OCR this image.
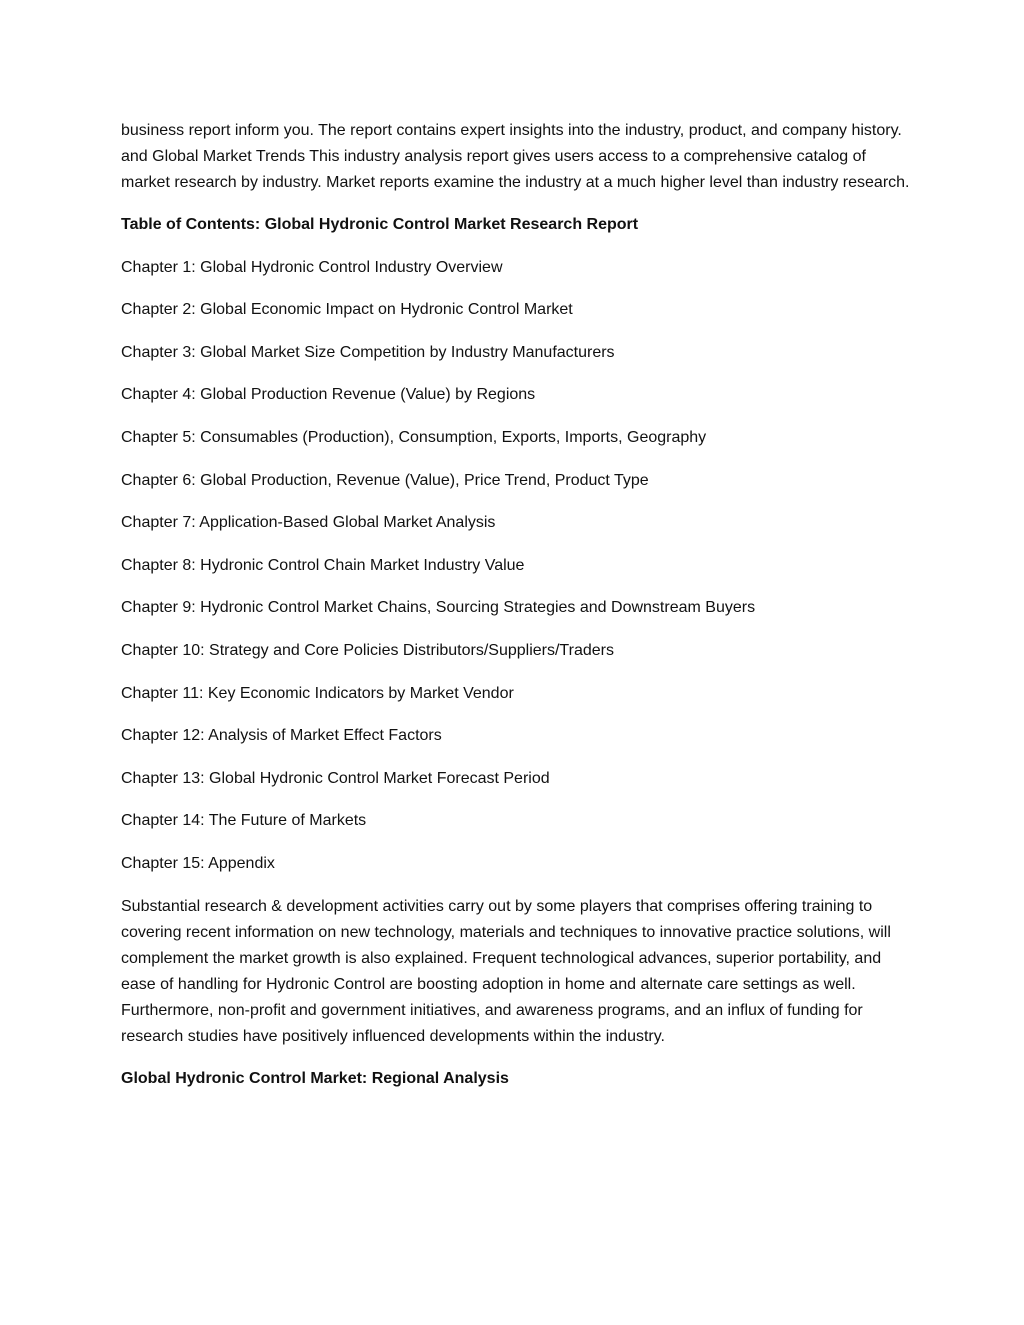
business report inform you. The report contains expert insights into the industry, product, and company history. and Global Market Trends This industry analysis report gives users access to a comprehensive catalog of market research by industry. Market reports examine the industry at a much higher level than industry research.

Table of Contents: Global Hydronic Control Market Research Report

Chapter 1: Global Hydronic Control Industry Overview
Chapter 2: Global Economic Impact on Hydronic Control Market
Chapter 3: Global Market Size Competition by Industry Manufacturers
Chapter 4: Global Production Revenue (Value) by Regions
Chapter 5: Consumables (Production), Consumption, Exports, Imports, Geography
Chapter 6: Global Production, Revenue (Value), Price Trend, Product Type
Chapter 7: Application-Based Global Market Analysis
Chapter 8: Hydronic Control Chain Market Industry Value
Chapter 9: Hydronic Control Market Chains, Sourcing Strategies and Downstream Buyers
Chapter 10: Strategy and Core Policies Distributors/Suppliers/Traders
Chapter 11: Key Economic Indicators by Market Vendor
Chapter 12: Analysis of Market Effect Factors
Chapter 13: Global Hydronic Control Market Forecast Period
Chapter 14: The Future of Markets
Chapter 15: Appendix

Substantial research & development activities carry out by some players that comprises offering training to covering recent information on new technology, materials and techniques to innovative practice solutions, will complement the market growth is also explained. Frequent technological advances, superior portability, and ease of handling for Hydronic Control are boosting adoption in home and alternate care settings as well. Furthermore, non-profit and government initiatives, and awareness programs, and an influx of funding for research studies have positively influenced developments within the industry.

Global Hydronic Control Market: Regional Analysis
